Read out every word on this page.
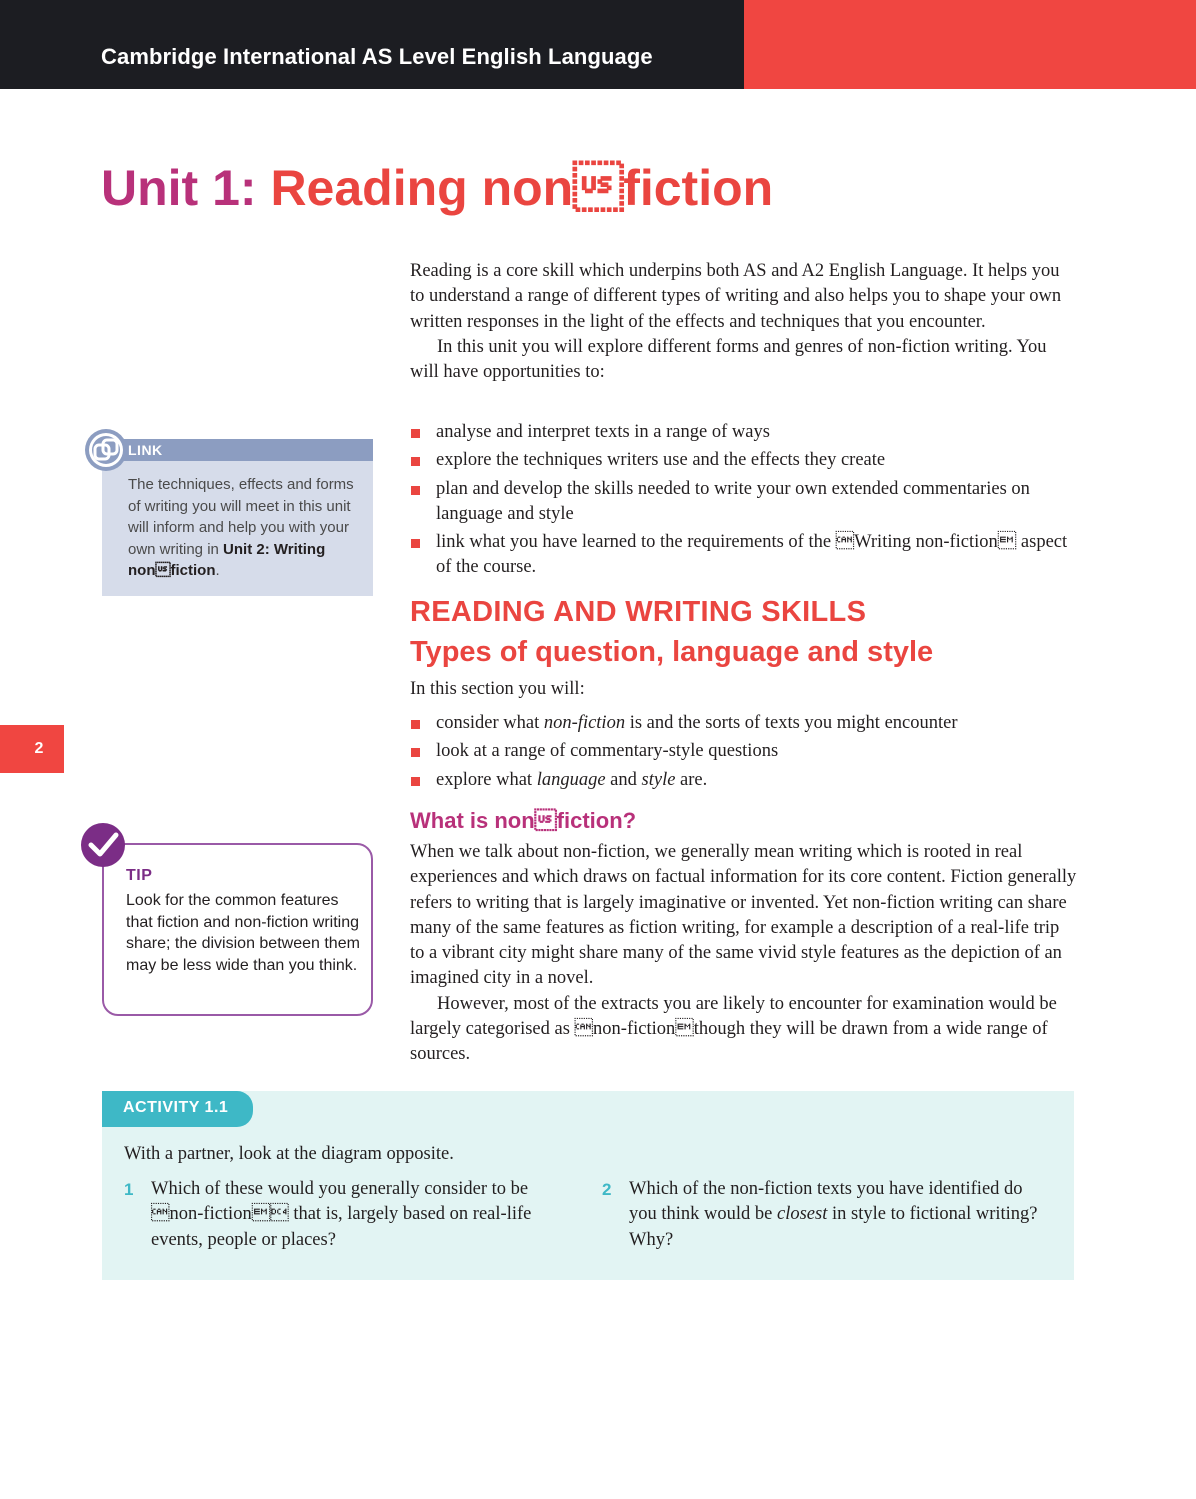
Cambridge International AS Level English Language
Unit 1: Reading nonfiction

Reading is a core skill which underpins both AS and A2 English Language. It helps you to understand a range of different types of writing and also helps you to shape your own written responses in the light of the effects and techniques that you encounter.

In this unit you will explore different forms and genres of non-fiction writing. You will have opportunities to:

analyse and interpret texts in a range of ways
explore the techniques writers use and the effects they create
plan and develop the skills needed to write your own extended commentaries on language and style
link what you have learned to the requirements of the Writing non-fiction aspect of the course.
READING AND WRITING SKILLS
Types of question, language and style
In this section you will:
consider what non-fiction is and the sorts of texts you might encounter
look at a range of commentary-style questions
explore what language and style are.
What is nonfiction?

When we talk about non-fiction, we generally mean writing which is rooted in real experiences and which draws on factual information for its core content. Fiction generally refers to writing that is largely imaginative or invented. Yet non-fiction writing can share many of the same features as fiction writing, for example a description of a real-life trip to a vibrant city might share many of the same vivid style features as the depiction of an imagined city in a novel.

However, most of the extracts you are likely to encounter for examination would be largely categorised as non-fictionthough they will be drawn from a wide range of sources.

2
LINK
The techniques, effects and forms of writing you will meet in this unit will inform and help you with your own writing in Unit 2: Writing nonfiction.
TIP
Look for the common features that fiction and non-fiction writing share; the division between them may be less wide than you think.
ACTIVITY 1.1
With a partner, look at the diagram opposite.
1 Which of these would you generally consider to be non-fiction that is, largely based on real-life events, people or places?
2 Which of the non-fiction texts you have identified do you think would be closest in style to fictional writing? Why?
